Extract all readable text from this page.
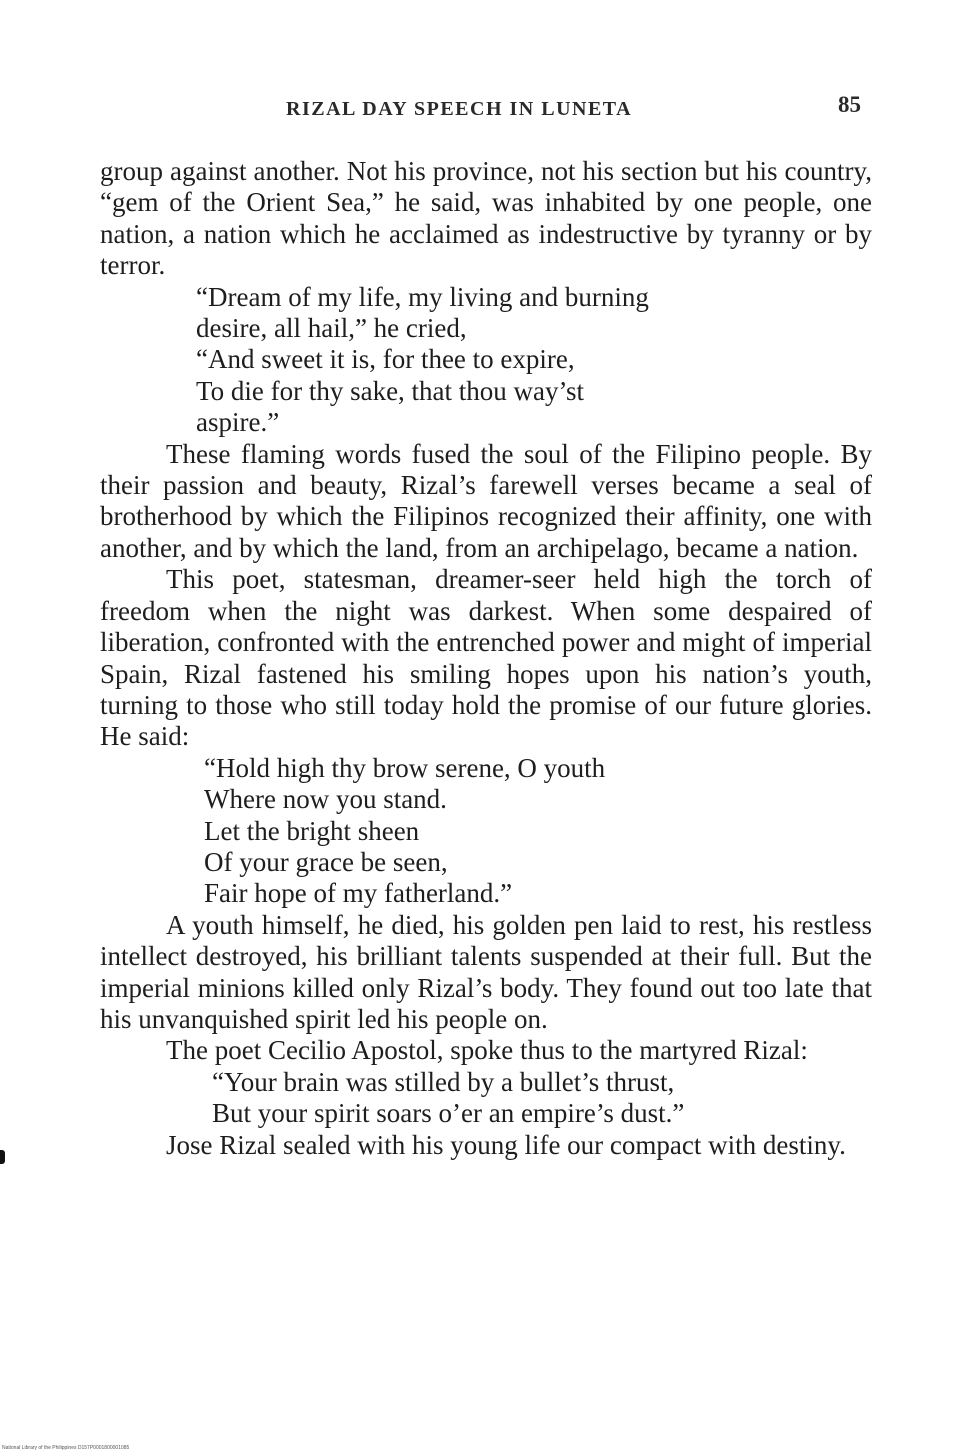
RIZAL DAY SPEECH IN LUNETA	85

group against another. Not his province, not his section but his country, “gem of the Orient Sea,” he said, was inhabited by one people, one nation, a nation which he acclaimed as indestructive by tyranny or by terror.

“Dream of my life, my living and burning
desire, all hail,” he cried,
“And sweet it is, for thee to expire,
To die for thy sake, that thou way’st
aspire.”

These flaming words fused the soul of the Filipino people. By their passion and beauty, Rizal’s farewell verses became a seal of brotherhood by which the Filipinos recognized their affinity, one with another, and by which the land, from an archipelago, became a nation.

This poet, statesman, dreamer-seer held high the torch of freedom when the night was darkest. When some despaired of liberation, confronted with the entrenched power and might of imperial Spain, Rizal fastened his smiling hopes upon his nation’s youth, turning to those who still today hold the promise of our future glories. He said:

“Hold high thy brow serene, O youth
Where now you stand.
Let the bright sheen
Of your grace be seen,
Fair hope of my fatherland.”

A youth himself, he died, his golden pen laid to rest, his restless intellect destroyed, his brilliant talents suspended at their full. But the imperial minions killed only Rizal’s body. They found out too late that his unvanquished spirit led his people on.

The poet Cecilio Apostol, spoke thus to the martyred Rizal:

“Your brain was stilled by a bullet’s thrust,
But your spirit soars o’er an empire’s dust.”

Jose Rizal sealed with his young life our compact with destiny.

National Library of the Philippines D157P0001800001085
